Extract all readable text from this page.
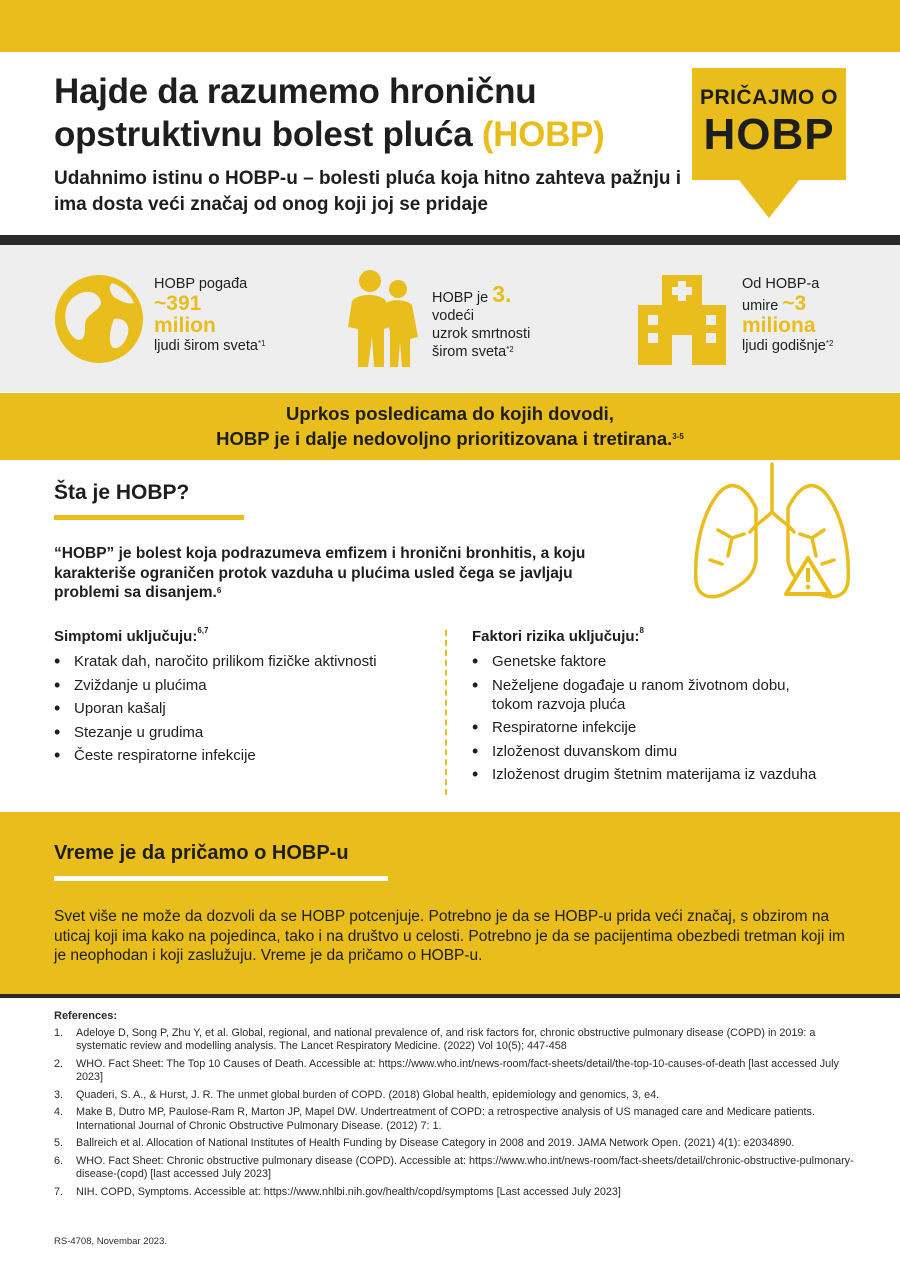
Hajde da razumemo hroničnu
opstruktivnu bolest pluća (HOBP)

Udahnimo istinu o HOBP-u – bolesti pluća koja hitno zahteva pažnju i ima dosta veći značaj od onog koji joj se pridaje

PRIČAJMO O
HOBP
HOBP pogađa
~391
milion
ljudi širom sveta$^{*1}$
HOBP je 3.
vodeći
uzrok smrtnosti
širom sveta$^{*2}$
Od HOBP-a
umire ~3
miliona
ljudi godišnje$^{*2}$
Uprkos posledicama do kojih dovodi,
HOBP je i dalje nedovoljno prioritizovana i tretirana.$^{3-5}$
Šta je HOBP?

“HOBP” je bolest koja podrazumeva emfizem i hronični bronhitis, a koju karakteriše ograničen protok vazduha u plućima usled čega se javljaju problemi sa disanjem.$^6$

Simptomi uključuju:$^{6,7}$
• Kratak dah, naročito prilikom fizičke aktivnosti
• Zviždanje u plućima
• Uporan kašalj
• Stezanje u grudima
• Česte respiratorne infekcije
Faktori rizika uključuju:$^8$
• Genetske faktore
• Neželjene događaje u ranom životnom dobu, tokom razvoja pluća
• Respiratorne infekcije
• Izloženost duvanskom dimu
• Izloženost drugim štetnim materijama iz vazduha
Vreme je da pričamo o HOBP-u

Svet više ne može da dozvoli da se HOBP potcenjuje. Potrebno je da se HOBP-u prida veći značaj, s obzirom na uticaj koji ima kako na pojedinca, tako i na društvo u celosti. Potrebno je da se pacijentima obezbedi tretman koji im je neophodan i koji zaslužuju. Vreme je da pričamo o HOBP-u.

References:
1. Adeloye D, Song P, Zhu Y, et al. Global, regional, and national prevalence of, and risk factors for, chronic obstructive pulmonary disease (COPD) in 2019: a systematic review and modelling analysis. The Lancet Respiratory Medicine. (2022) Vol 10(5); 447-458
2. WHO. Fact Sheet: The Top 10 Causes of Death. Accessible at: https://www.who.int/news-room/fact-sheets/detail/the-top-10-causes-of-death [last accessed July 2023]
3. Quaderi, S. A., & Hurst, J. R. The unmet global burden of COPD. (2018) Global health, epidemiology and genomics, 3, e4.
4. Make B, Dutro MP, Paulose-Ram R, Marton JP, Mapel DW. Undertreatment of COPD: a retrospective analysis of US managed care and Medicare patients. International Journal of Chronic Obstructive Pulmonary Disease. (2012) 7: 1.
5. Ballreich et al. Allocation of National Institutes of Health Funding by Disease Category in 2008 and 2019. JAMA Network Open. (2021) 4(1): e2034890.
6. WHO. Fact Sheet: Chronic obstructive pulmonary disease (COPD). Accessible at: https://www.who.int/news-room/fact-sheets/detail/chronic-obstructive-pulmonary-disease-(copd) [last accessed July 2023]
7. NIH. COPD, Symptoms. Accessible at: https://www.nhlbi.nih.gov/health/copd/symptoms [Last accessed July 2023]

RS-4708, Novembar 2023.
